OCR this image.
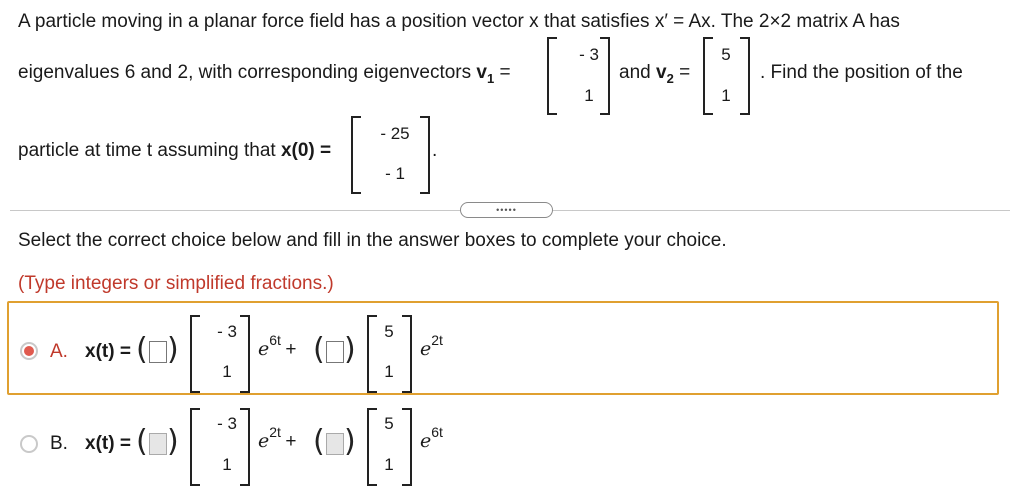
A particle moving in a planar force field has a position vector x that satisfies x′ = Ax. The 2×2 matrix A has
eigenvalues 6 and 2, with corresponding eigenvectors $v_1$ =
- 3
1
and $v_2$ =
5
1
. Find the position of the
particle at time t assuming that x(0) =
- 25
- 1
.
•••••
Select the correct choice below and fill in the answer boxes to complete your choice.
(Type integers or simplified fractions.)
A. x(t) = ( )
- 3
1
e6t + ( )
5
1
e2t
B. x(t) = ( )
- 3
1
e2t + ( )
5
1
e6t
